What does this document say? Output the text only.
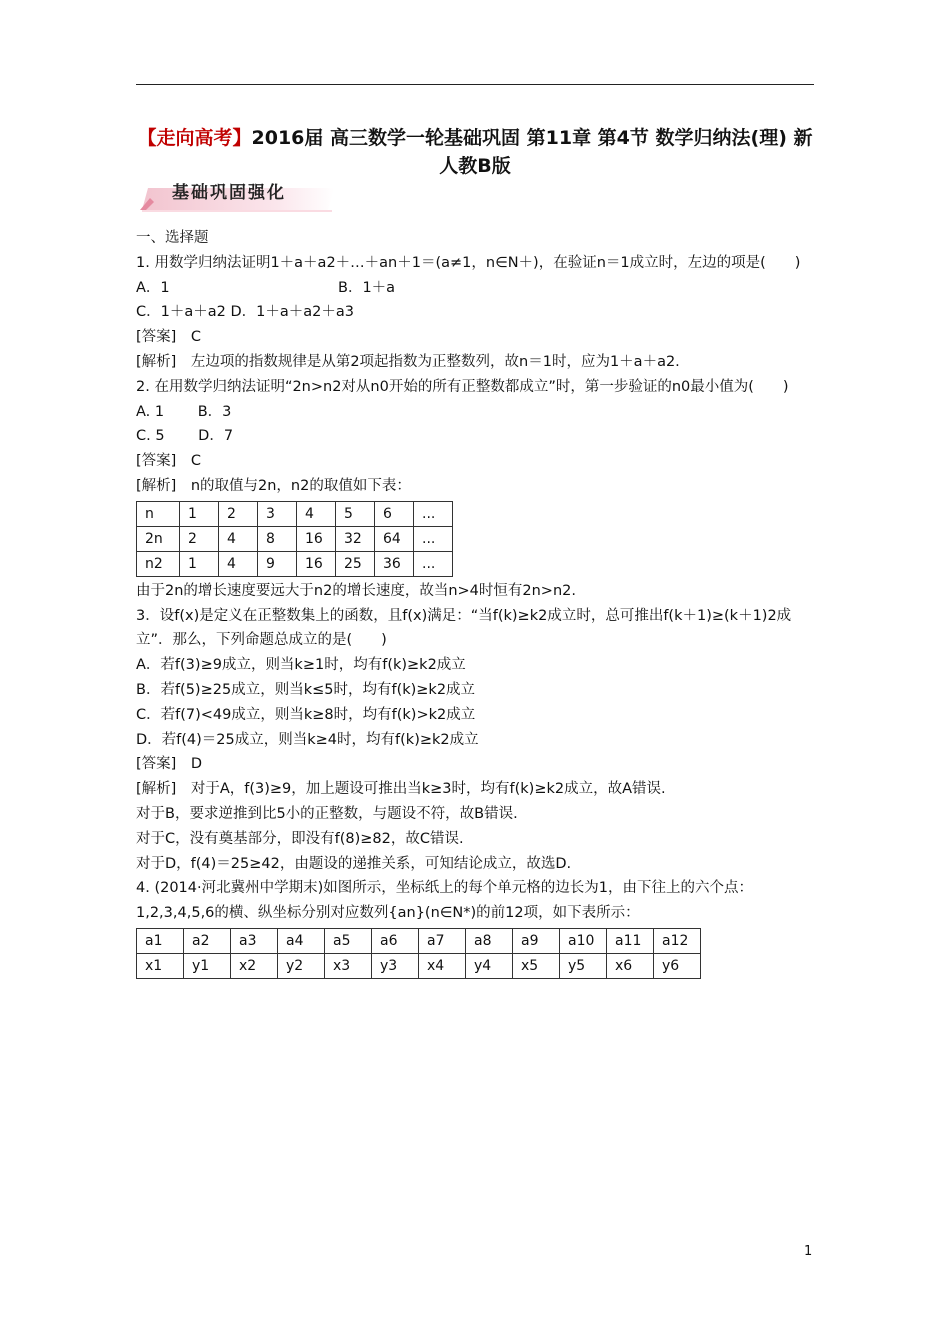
【走向高考】2016届 高三数学一轮基础巩固 第11章 第4节 数学归纳法(理) 新人教B版
基础巩固强化
一、选择题
1. 用数学归纳法证明1＋a＋a2＋…＋an＋1＝(a≠1，n∈N＋)，在验证n＝1成立时，左边的项是(　　)
A．1	B．1＋a
C．1＋a＋a2 D．1＋a＋a2＋a3
[答案]　C
[解析]　左边项的指数规律是从第2项起指数为正整数列，故n＝1时，应为1＋a＋a2.
2. 在用数学归纳法证明“2n>n2对从n0开始的所有正整数都成立”时，第一步验证的n0最小值为(　　)
A. 1　　 B．3
C. 5　　 D．7
[答案]　C
[解析]　n的取值与2n，n2的取值如下表：
n	1	2	3	4	5	6	...
2n	2	4	8	16	32	64	...
n2	1	4	9	16	25	36	...
由于2n的增长速度要远大于n2的增长速度，故当n>4时恒有2n>n2.
3．设f(x)是定义在正整数集上的函数，且f(x)满足：“当f(k)≥k2成立时，总可推出f(k＋1)≥(k＋1)2成立”．那么，下列命题总成立的是(　　)
A．若f(3)≥9成立，则当k≥1时，均有f(k)≥k2成立
B．若f(5)≥25成立，则当k≤5时，均有f(k)≥k2成立
C．若f(7)<49成立，则当k≥8时，均有f(k)>k2成立
D．若f(4)＝25成立，则当k≥4时，均有f(k)≥k2成立
[答案]　D
[解析]　对于A，f(3)≥9，加上题设可推出当k≥3时，均有f(k)≥k2成立，故A错误.
对于B，要求逆推到比5小的正整数，与题设不符，故B错误.
对于C，没有奠基部分，即没有f(8)≥82，故C错误.
对于D，f(4)＝25≥42，由题设的递推关系，可知结论成立，故选D.
4. (2014·河北冀州中学期末)如图所示，坐标纸上的每个单元格的边长为1，由下往上的六个点：1,2,3,4,5,6的横、纵坐标分别对应数列{an}(n∈N*)的前12项，如下表所示：
a1	a2	a3	a4	a5	a6	a7	a8	a9	a10	a11	a12
x1	y1	x2	y2	x3	y3	x4	y4	x5	y5	x6	y6
1
